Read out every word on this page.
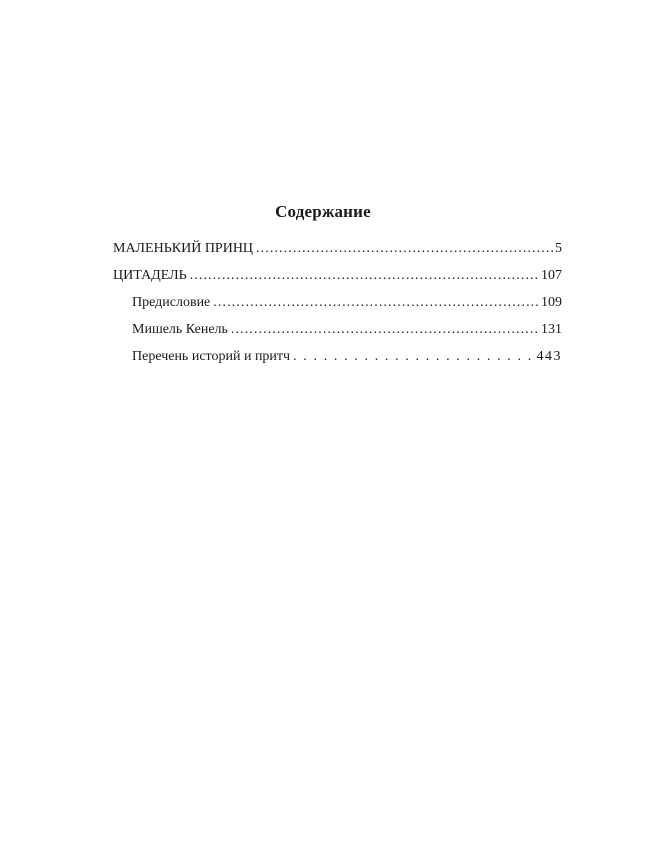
Содержание
МАЛЕНЬКИЙ ПРИНЦ . . .	5
ЦИТАДЕЛЬ . . .	107
Предисловие . . .	109
Мишель Кенель . . .	131
Перечень историй и притч . . .	443
